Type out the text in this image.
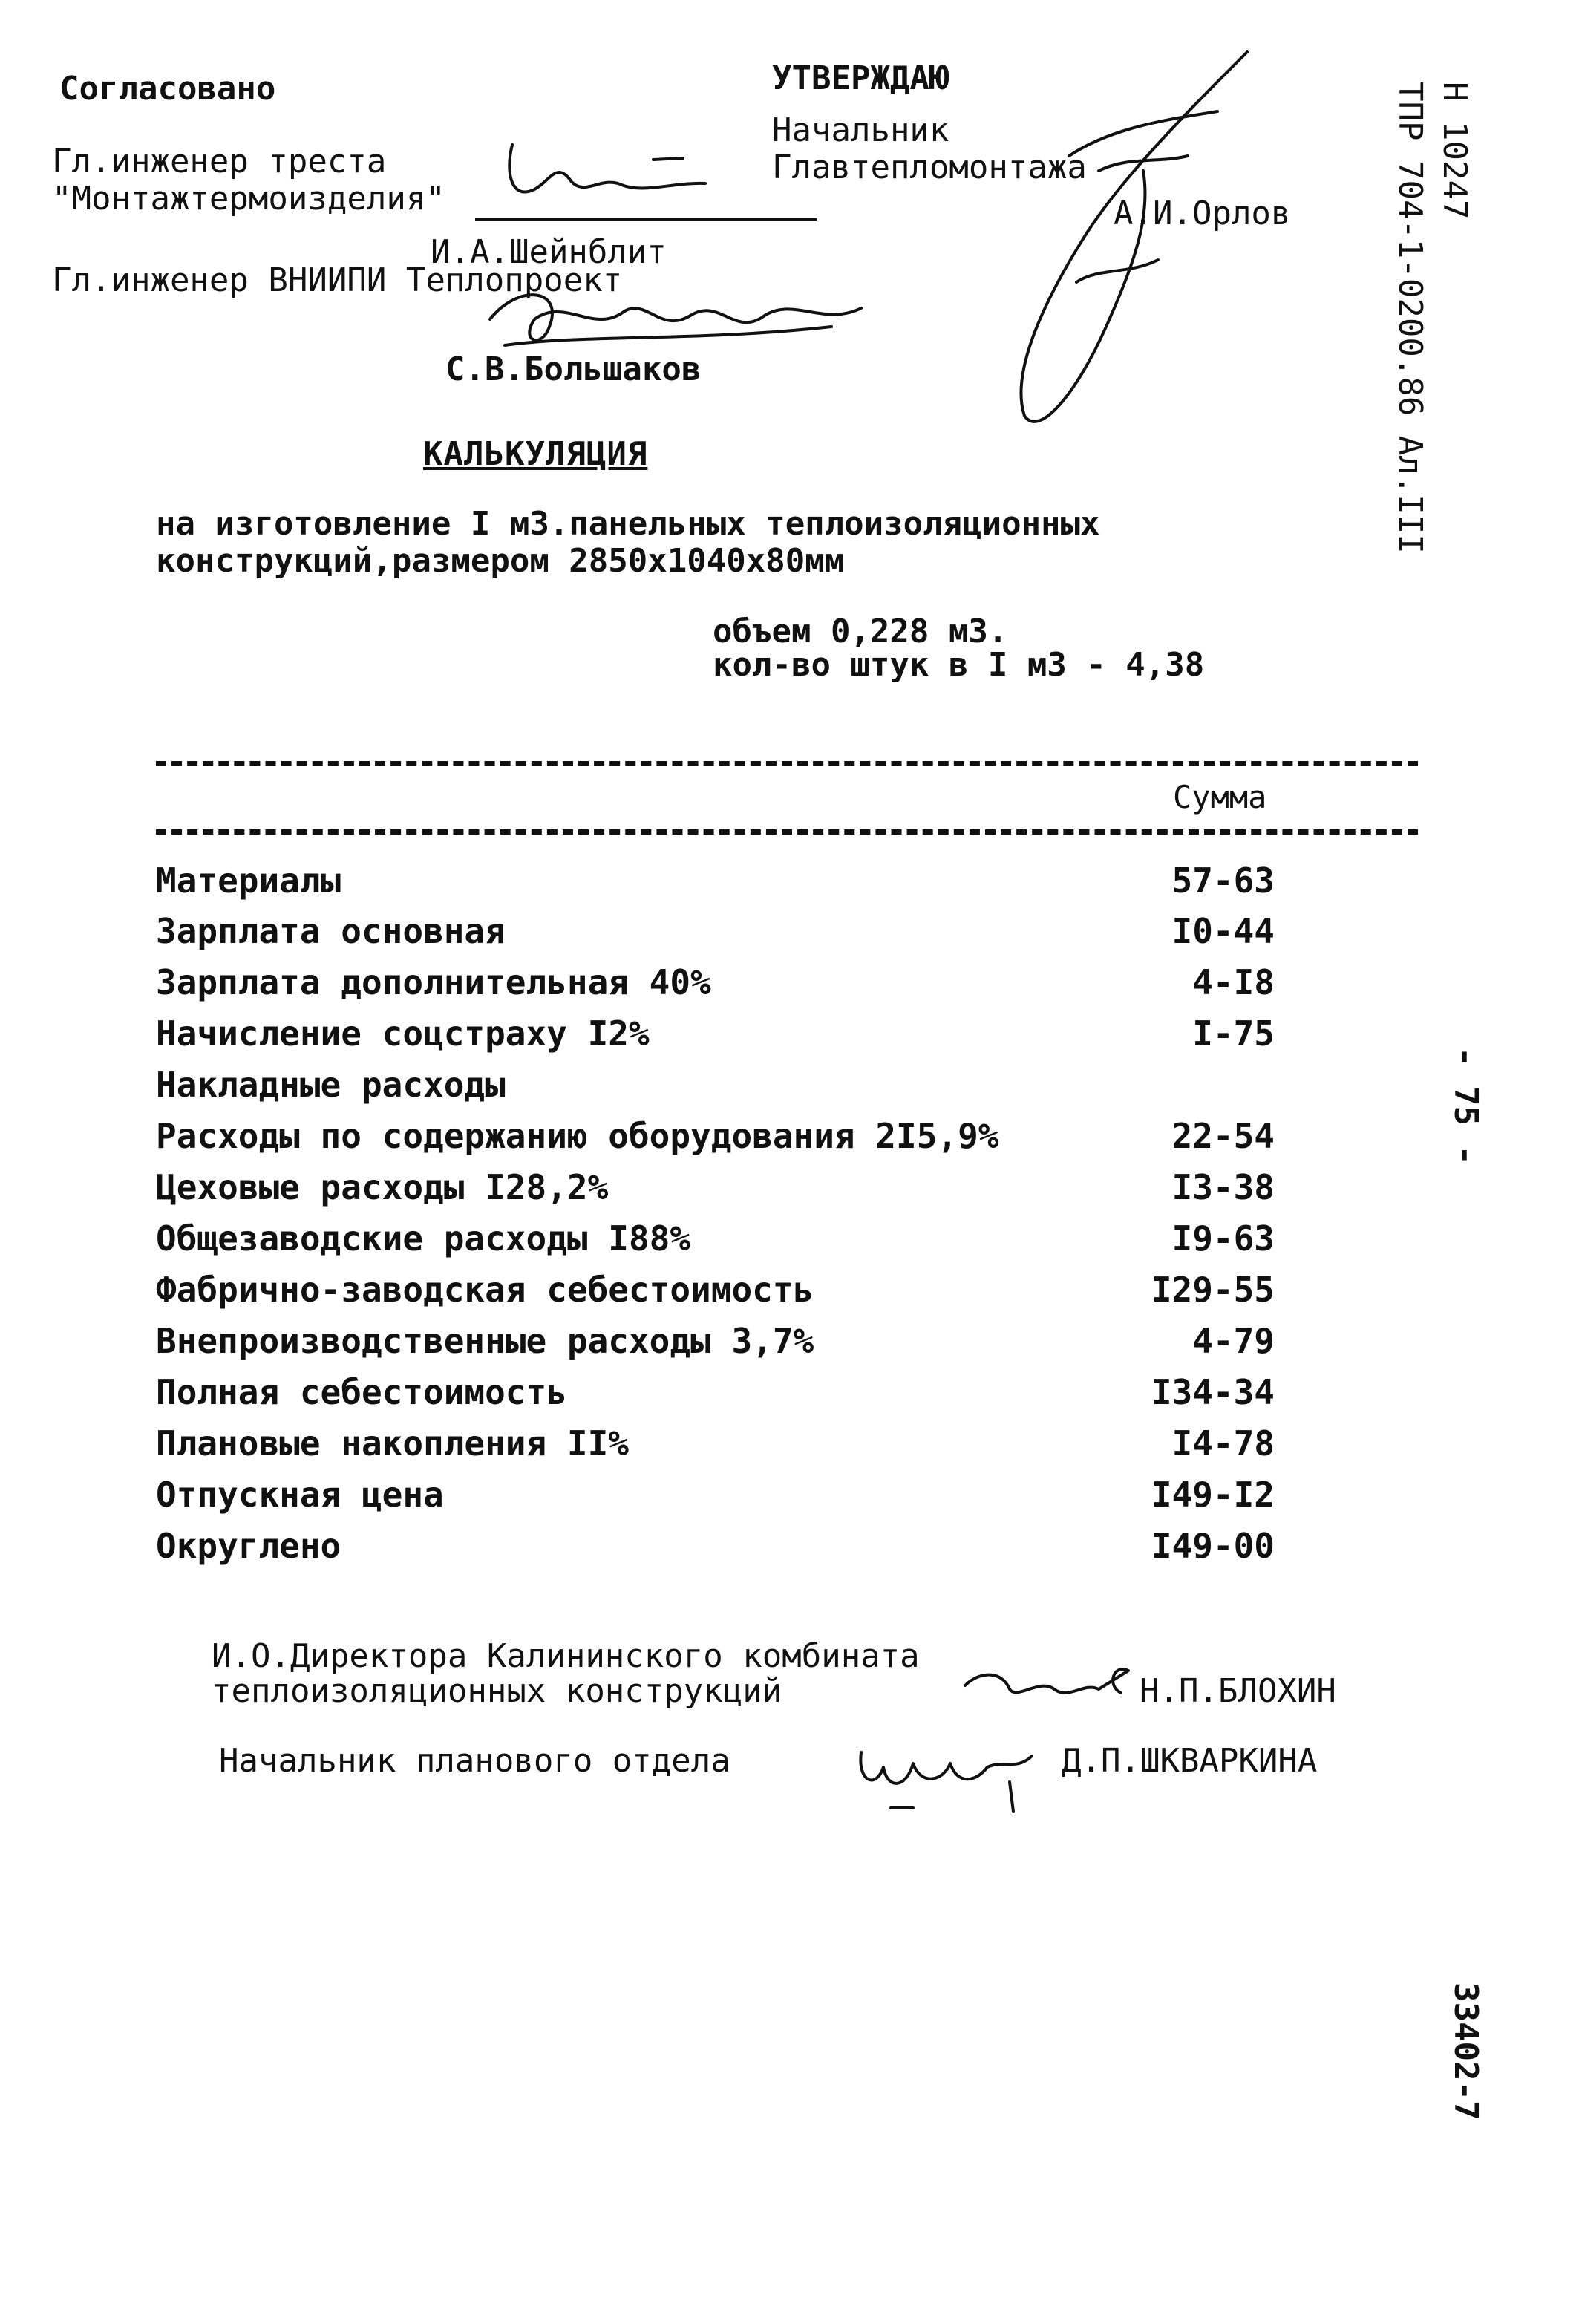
Согласовано
Гл.инженер треста
"Монтажтермоизделия"
И.А.Шейнблит
Гл.инженер ВНИИПИ Теплопроект
С.В.Большаков
УТВЕРЖДАЮ
Начальник
Главтепломонтажа
А.И.Орлов	Н 10247
ТПР 704-1-0200.86 Ал.III
- 75 -
33402-7
КАЛЬКУЛЯЦИЯ
на изготовление I м3.панельных теплоизоляционных
конструкций,размером 2850х1040х80мм
объем 0,228 м3.
кол-во штук в I м3 - 4,38
Сумма
Материалы	57-63
Зарплата основная	I0-44
Зарплата дополнительная 40%	4-I8
Начисление соцстраху I2%	I-75
Накладные расходы
Расходы по содержанию оборудования 2I5,9%	22-54
Цеховые расходы I28,2%	I3-38
Общезаводские расходы I88%	I9-63
Фабрично-заводская себестоимость	I29-55
Внепроизводственные расходы 3,7%	4-79
Полная себестоимость	I34-34
Плановые накопления II%	I4-78
Отпускная цена	I49-I2
Округлено	I49-00
И.О.Директора Калининского комбината
теплоизоляционных конструкций	Н.П.БЛОХИН
Начальник планового отдела	Д.П.ШКВАРКИНА
